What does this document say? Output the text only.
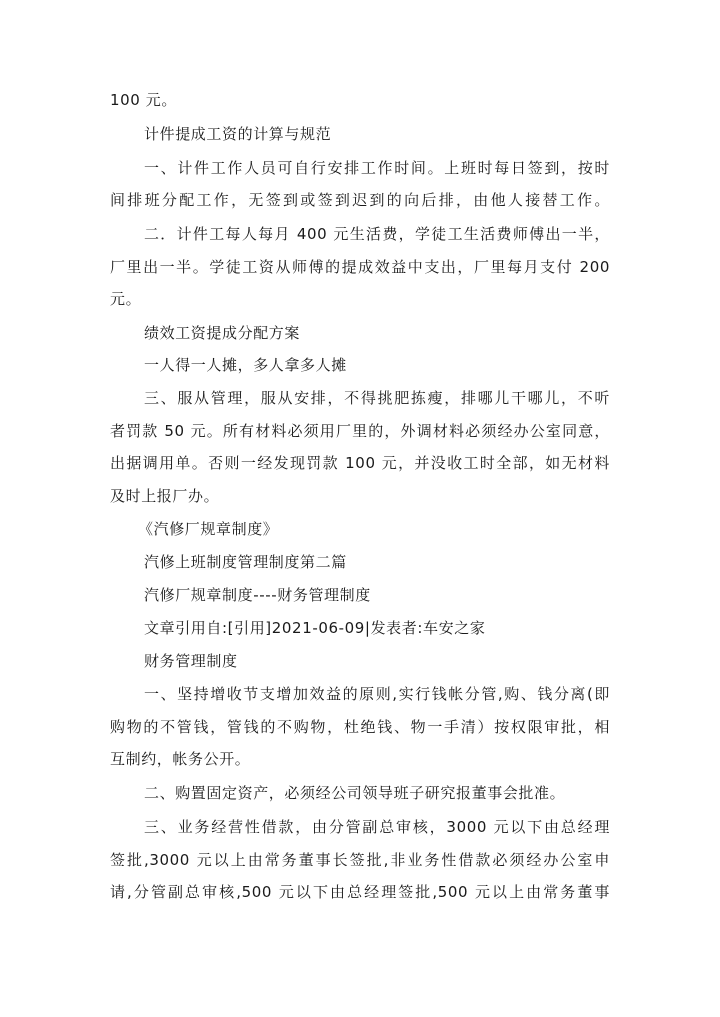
100 元。
计件提成工资的计算与规范
一、计件工作人员可自行安排工作时间。上班时每日签到，按时
间排班分配工作，无签到或签到迟到的向后排，由他人接替工作。
二．计件工每人每月 400 元生活费，学徒工生活费师傅出一半，
厂里出一半。学徒工资从师傅的提成效益中支出，厂里每月支付 200
元。
绩效工资提成分配方案
一人得一人摊，多人拿多人摊
三、服从管理，服从安排，不得挑肥拣瘦，排哪儿干哪儿，不听
者罚款 50 元。所有材料必须用厂里的，外调材料必须经办公室同意，
出据调用单。否则一经发现罚款 100 元，并没收工时全部，如无材料
及时上报厂办。
《汽修厂规章制度》
汽修上班制度管理制度第二篇
汽修厂规章制度----财务管理制度
文章引用自:[引用]2021-06-09|发表者:车安之家
财务管理制度
一、坚持增收节支增加效益的原则,实行钱帐分管,购、钱分离(即
购物的不管钱，管钱的不购物，杜绝钱、物一手清）按权限审批，相
互制约，帐务公开。
二、购置固定资产，必须经公司领导班子研究报董事会批准。
三、业务经营性借款，由分管副总审核，3000 元以下由总经理
签批,3000 元以上由常务董事长签批,非业务性借款必须经办公室申
请,分管副总审核,500 元以下由总经理签批,500 元以上由常务董事
